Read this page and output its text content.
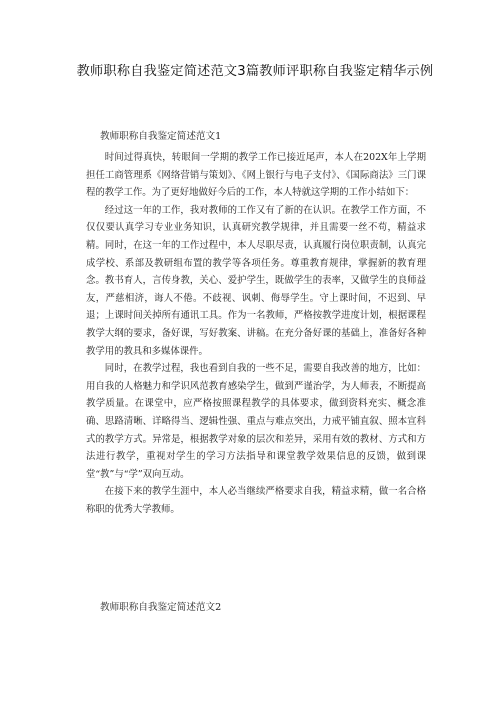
教师职称自我鉴定简述范文3篇教师评职称自我鉴定精华示例
教师职称自我鉴定简述范文1

时间过得真快，转眼间一学期的教学工作已接近尾声，本人在202X年上学期担任工商管理系《网络营销与策划》、《网上银行与电子支付》、《国际商法》三门课程的教学工作。为了更好地做好今后的工作，本人特就这学期的工作小结如下：

经过这一年的工作，我对教师的工作又有了新的在认识。在教学工作方面，不仅仅要认真学习专业业务知识，认真研究教学规律，并且需要一丝不苟，精益求精。同时，在这一年的工作过程中，本人尽职尽责，认真履行岗位职责制，认真完成学校、系部及教研组布置的教学等各项任务。尊重教育规律，掌握新的教育理念。教书育人，言传身教，关心、爱护学生，既做学生的表率，又做学生的良师益友，严慈相济，诲人不倦。不歧视、讽刺、侮辱学生。守上课时间，不迟到、早退；上课时间关掉所有通讯工具。作为一名教师，严格按教学进度计划，根据课程教学大纲的要求，备好课，写好教案、讲稿。在充分备好课的基础上，准备好各种教学用的教具和多媒体课件。

同时，在教学过程，我也看到自我的一些不足，需要自我改善的地方，比如：用自我的人格魅力和学识风范教育感染学生，做到严谨治学，为人师表，不断提高教学质量。在课堂中，应严格按照课程教学的具体要求，做到资料充实、概念准确、思路清晰、详略得当、逻辑性强、重点与难点突出，力戒平铺直叙、照本宣科式的教学方式。异常是，根据教学对象的层次和差异，采用有效的教材、方式和方法进行教学，重视对学生的学习方法指导和课堂教学效果信息的反馈，做到课堂“教”与“学”双向互动。

在接下来的教学生涯中，本人必当继续严格要求自我，精益求精，做一名合格称职的优秀大学教师。

教师职称自我鉴定简述范文2
